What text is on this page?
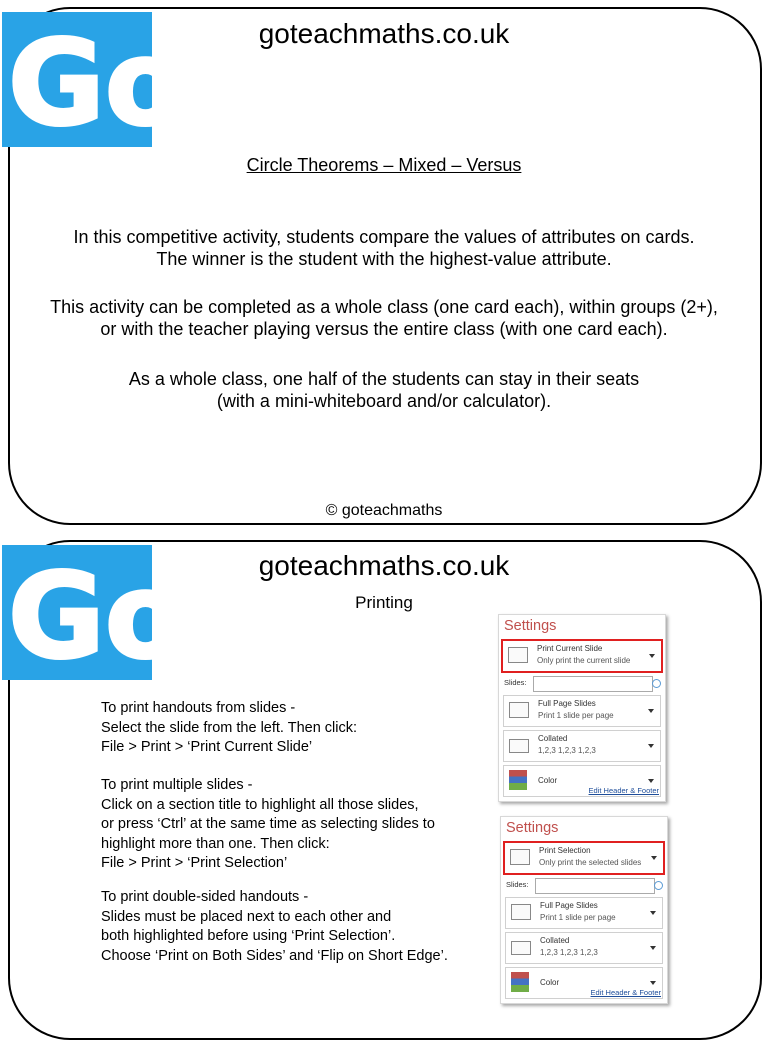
Go!
Go!
goteachmaths.co.uk
Circle Theorems – Mixed – Versus
In this competitive activity, students compare the values of attributes on cards.
The winner is the student with the highest-value attribute.
This activity can be completed as a whole class (one card each), within groups (2+),
or with the teacher playing versus the entire class (with one card each).
As a whole class, one half of the students can stay in their seats
(with a mini-whiteboard and/or calculator).
© goteachmaths
goteachmaths.co.uk
Printing
To print handouts from slides -
Select the slide from the left. Then click:
File > Print > ‘Print Current Slide’
To print multiple slides -
Click on a section title to highlight all those slides,
or press ‘Ctrl’ at the same time as selecting slides to
highlight more than one. Then click:
File > Print > ‘Print Selection’
To print double-sided handouts -
Slides must be placed next to each other and
both highlighted before using ‘Print Selection’.
Choose ‘Print on Both Sides’ and ‘Flip on Short Edge’.
Settings
Print Current Slide
Only print the current slide
Slides:
Full Page Slides
Print 1 slide per page
Collated
1,2,3 1,2,3 1,2,3
Color
Edit Header & Footer
Settings
Print Selection
Only print the selected slides
Slides:
Full Page Slides
Print 1 slide per page
Collated
1,2,3 1,2,3 1,2,3
Color
Edit Header & Footer
